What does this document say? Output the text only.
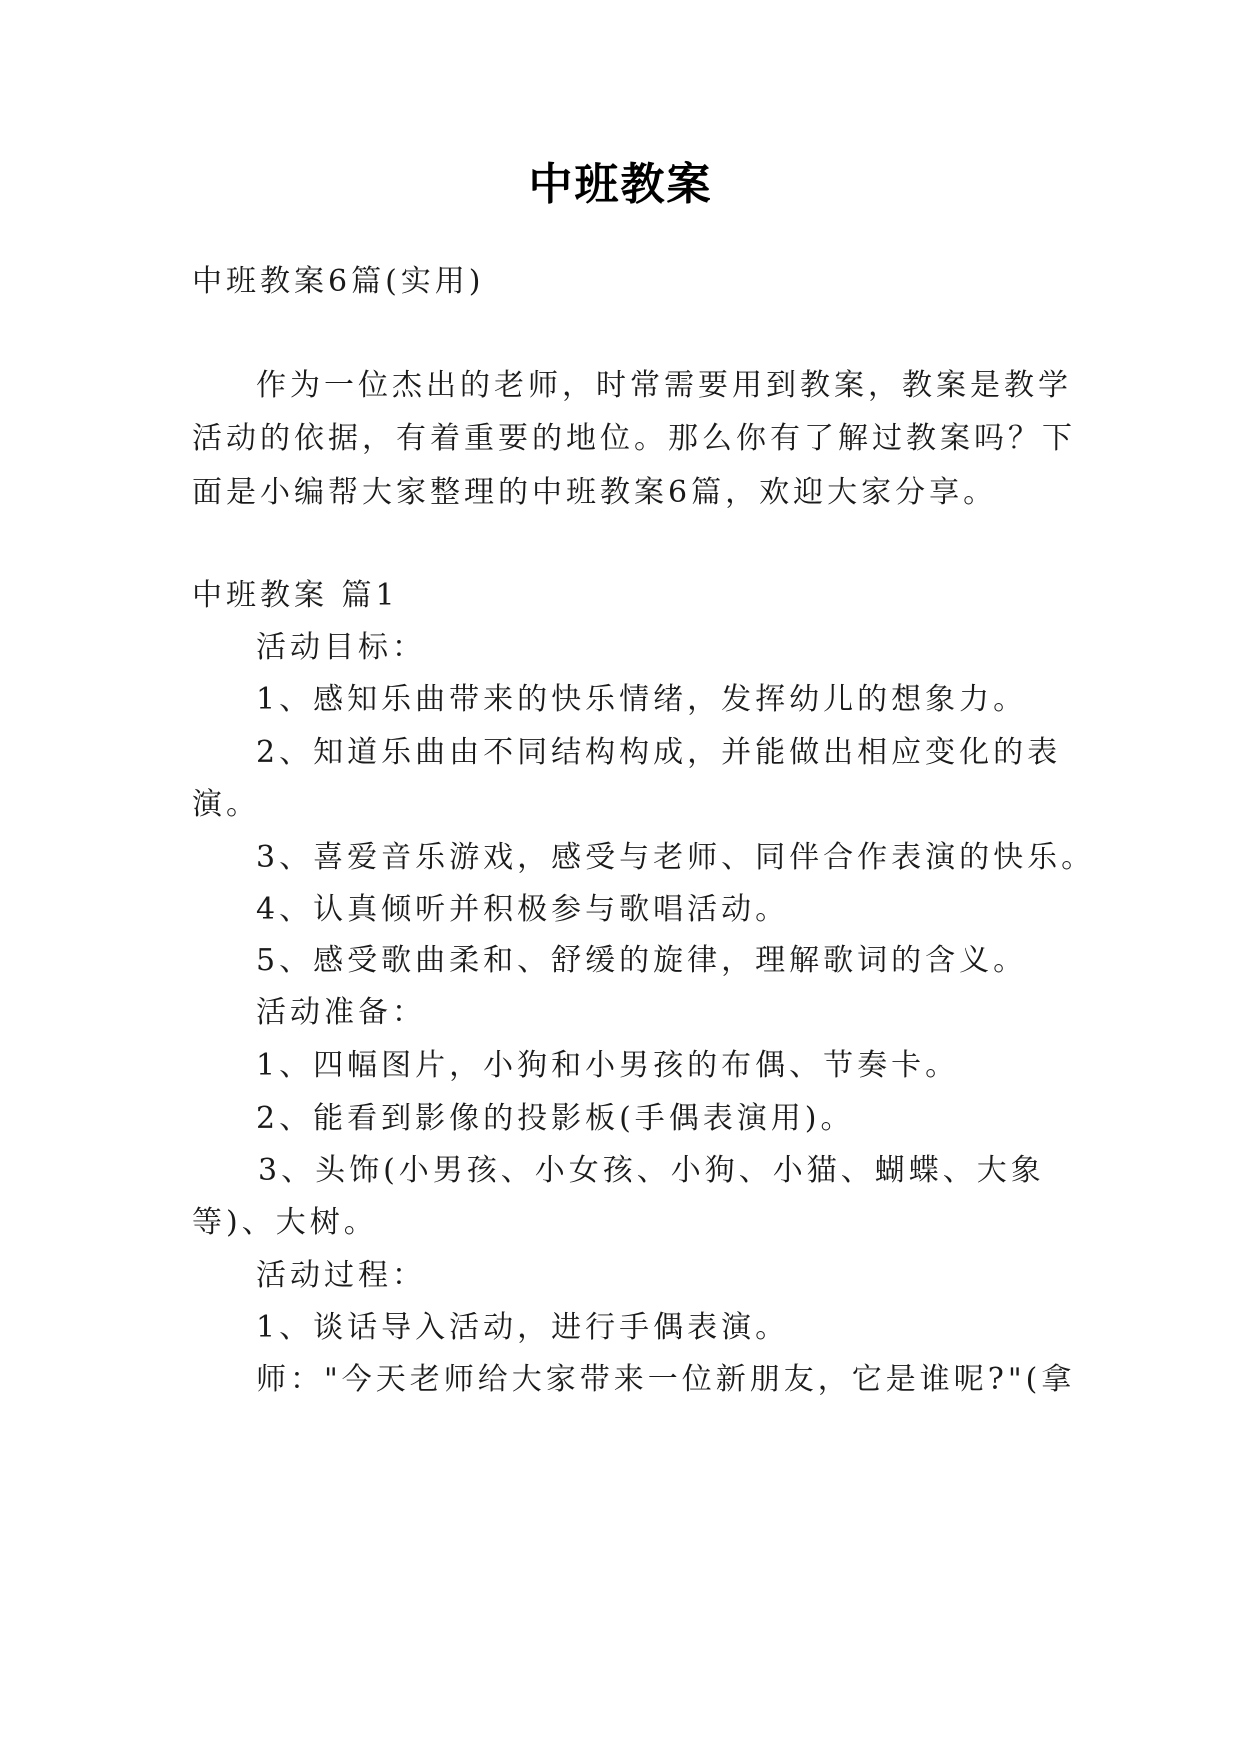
中班教案
中班教案6篇(实用)
作为一位杰出的老师，时常需要用到教案，教案是教学
活动的依据，有着重要的地位。那么你有了解过教案吗？下
面是小编帮大家整理的中班教案6篇，欢迎大家分享。
中班教案 篇1
活动目标：
1、感知乐曲带来的快乐情绪，发挥幼儿的想象力。
2、知道乐曲由不同结构构成，并能做出相应变化的表
演。
3、喜爱音乐游戏，感受与老师、同伴合作表演的快乐。
4、认真倾听并积极参与歌唱活动。
5、感受歌曲柔和、舒缓的旋律，理解歌词的含义。
活动准备：
1、四幅图片，小狗和小男孩的布偶、节奏卡。
2、能看到影像的投影板(手偶表演用)。
3、头饰(小男孩、小女孩、小狗、小猫、蝴蝶、大象
等)、大树。
活动过程：
1、谈话导入活动，进行手偶表演。
师："今天老师给大家带来一位新朋友，它是谁呢?"(拿
